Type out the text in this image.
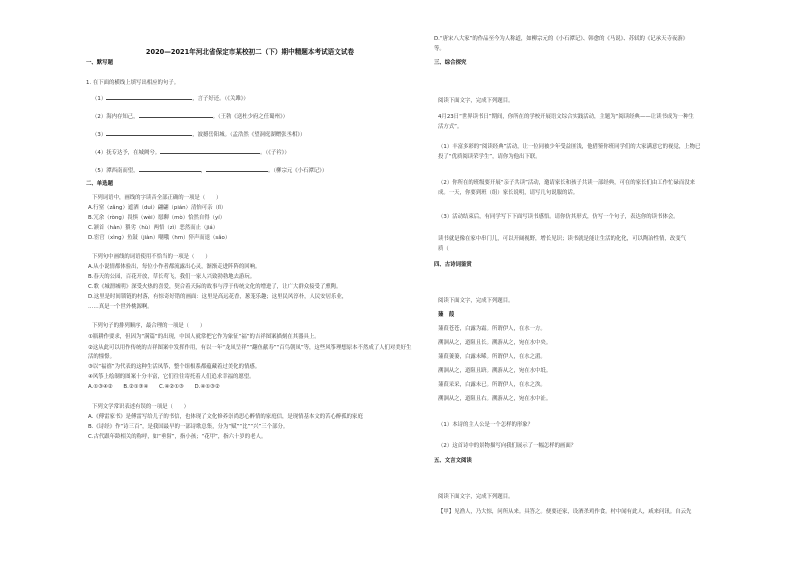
2020—2021年河北省保定市某校初二（下）期中精题本考试语文试卷
一、默写题
1. 在下面的横线上填写出相应的句子。
（1）	，言子好还。（《关雎》）
（2）海内存知己，	。（王勃《送杜少府之任蜀州》）
（3）	，波撼岳阳城。（孟浩然《望洞庭湖赠张丞相》）
（4）抚专达予，在城阙兮。	。（《子衿》）
（5）潭西南而望，	，	。（柳宗元《小石潭记》）
二、单选题
下列词语中，画线的字读音全部正确的一项是（　　）
A.行窒（zǎng）遮洒（duì）翩翩（pián）清怡可亲（lǐ）
B.冗余（ròng）畏惧（wèi）愿聊（mò）恰然自得（yí）
C.颔首（hàn）猥劣（hù）两悟（zì）恶然而止（jiá）
D.宦官（xìng）鱼鼓（jiàn）嘲哦（hm）猝声而退（sǎo）
下列句中画线的词语使用不恰当的一项是（　　）
A.从小说情都体验出，每位小作者都流露出心灵，渐渐走进阵阵的回响。
B.春天的公园，百花开放，草长莺飞，我们一家人兴致勃勃地去游玩。
C.歌《城渭城明》深受火热的喜爱，契合着天际的故事与浮于传统文化的增进了，让广大群众接受了熏陶。
D.这里是时间锁链的村落，有惊奇好错的画面：这里是高远花香，葱茏乐趣；这里民风淳朴，人民安居乐业，
……真是一个世外桃源啊。
下列句子的排列顺序，最合理的一项是（　　）
①瓶耕作要求，但因为“满篇”的出现，中国人就常把它作为象征“福”的吉祥图案描刻在其器具上。
②这从此可以用作传统的吉祥图案中发挥作用，有以一年“龙凤呈祥”“翻鱼献寿”“百鸟朝凤”等，这些风筝理想原本不然成了人们对美好生活的憧憬。
③以“福禧”为代表的这种生活凤筝，整个组根系都蕴藏着过美化的情感。
④风筝上绘制的图案十分丰富，它们往往寄托着人们追求幸福的愿望。
A.①③④②　　B.②①③④　　C.④②①③　　D.④①③②
下列文学常识表述有误的一项是（　　）
A.《傅雷家书》是傅雷写给儿子的书信，也体现了文化修养崇尚思心醉情的家庭信，是现情基本文的苦心醉孤的家庭
B.《诗经》作“诗三百”，是我国最早的一部诗歌总集，分为“赋”“比”“兴”三个部分。
C.古代跟年龄相关的称呼，如“垂髫”，指小孩；“花甲”，指六十岁的老人。
D.“唐宋八大家”的作品至今为人称道，如柳宗元的《小石潭记》、韩愈的《马说》、苏轼的《记承天寺夜游》
等。
三、综合探究
阅读下面文字，完成下列题目。
4月23日“世界读书日”期间，你所在的学校开展语文综合实践活动，主题为“阅读经典——让读书成为一种生
活方式”。
（1）丰富多彩的“阅读经典”活动，让一位同被少年受益匪浅，他借鉴你班同学们的大家满意它的视觉，上物已
投了“优质阅读荣学生”，请你为他出下联。
（2）你所在的班级要开展“亲子共读”活动，邀请家长和孩子共读一部经典，可在的家长们由工作忙碌而没来
成。一天，你要到班（组）家长说明，请写几句说服的话。
（3）活动结束后，有同学写下下面写读书感悟。请你仿其形式，仿写一个句子，表达你的读书体会。
读书就是像在家中串门儿，可以开阔视野，增长见识；读书就是能让生活的化化，可以陶冶性情，改变气
质（
四、古诗词鉴赏
阅读下面文字，完成下列题目。
蒹　葭
蒹葭苍苍，白露为霜。所谓伊人，在水一方。
溯洄从之，道阻且长。溯游从之，宛在水中央。
蒹葭萋萋，白露未晞。所谓伊人，在水之湄。
溯洄从之，道阻且跻。溯游从之，宛在水中坻。
蒹葭采采，白露未已。所谓伊人，在水之涘。
溯洄从之，道阻且右。溯游从之，宛在水中沚。
（1）本诗的主人公是一个怎样的形象？
（2）这首诗中的景物描写向我们展示了一幅怎样的画面？
五、文言文阅读
阅读下面文字，完成下列题目。
【甲】见渔人，乃大惊，问所从来。具答之。便要还家，设酒杀鸡作食。村中闻有此人，咸来问讯。自云先
